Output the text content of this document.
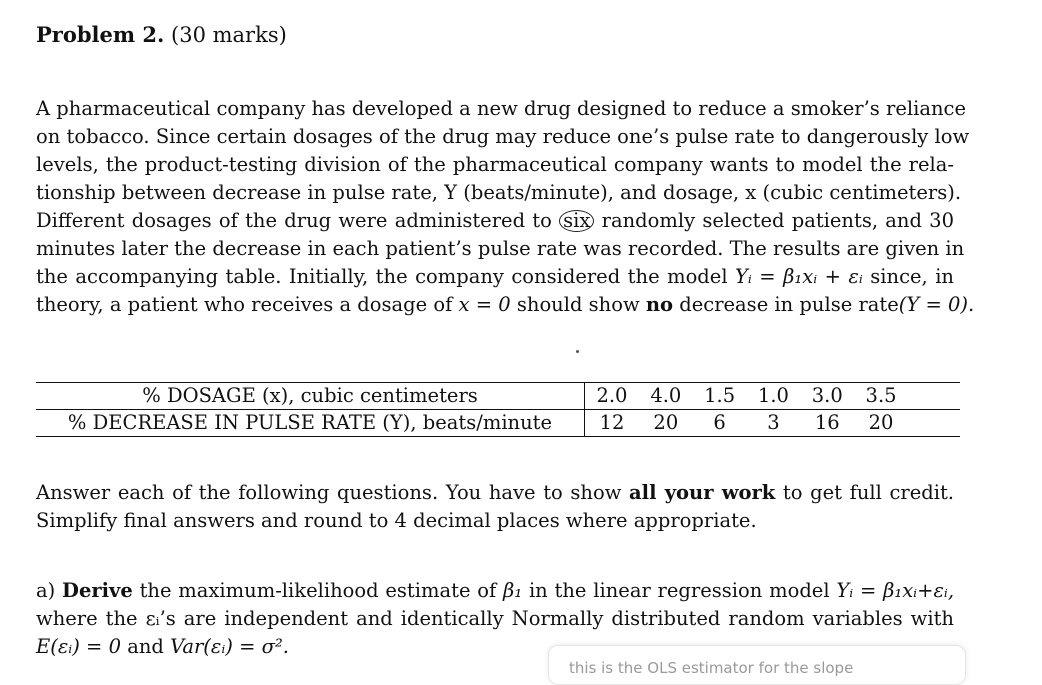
Problem 2. (30 marks)
A pharmaceutical company has developed a new drug designed to reduce a smoker’s reliance
on tobacco. Since certain dosages of the drug may reduce one’s pulse rate to dangerously low
levels, the product-testing division of the pharmaceutical company wants to model the rela-
tionship between decrease in pulse rate, Y (beats/minute), and dosage, x (cubic centimeters).
Different dosages of the drug were administered to six randomly selected patients, and 30
minutes later the decrease in each patient’s pulse rate was recorded. The results are given in
the accompanying table. Initially, the company considered the model Yᵢ = β₁xᵢ + εᵢ since, in
theory, a patient who receives a dosage of x = 0 should show no decrease in pulse rate(Y = 0).
% DOSAGE (x), cubic centimeters	2.0	4.0	1.5	1.0	3.0	3.5	
% DECREASE IN PULSE RATE (Y), beats/minute	12	20	6	3	16	20	
Answer each of the following questions. You have to show all your work to get full credit.
Simplify final answers and round to 4 decimal places where appropriate.
a) Derive the maximum-likelihood estimate of β₁ in the linear regression model Yᵢ = β₁xᵢ+εᵢ,
where the εᵢ’s are independent and identically Normally distributed random variables with
E(εᵢ) = 0 and Var(εᵢ) = σ².
this is the OLS estimator for the slope
